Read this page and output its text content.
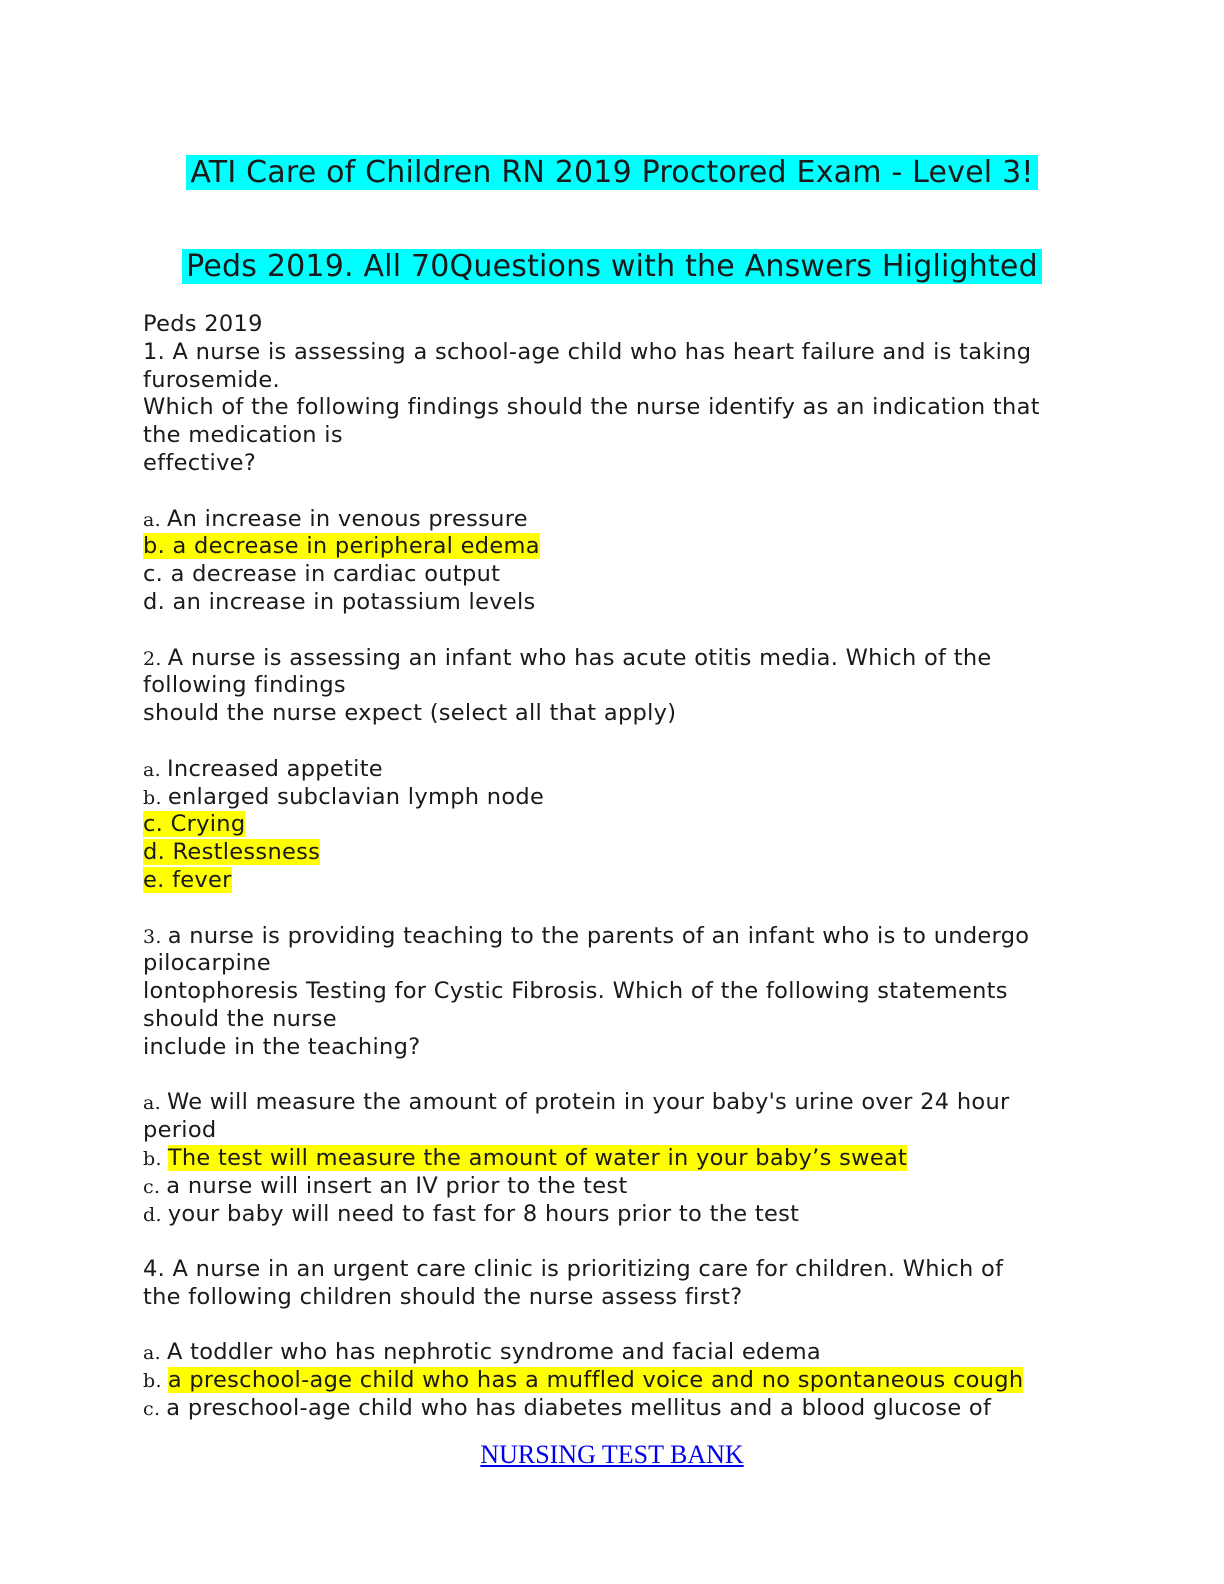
ATI Care of Children RN 2019 Proctored Exam - Level 3!
Peds 2019. All 70Questions with the Answers Higlighted
Peds 2019
1. A nurse is assessing a school-age child who has heart failure and is taking
furosemide.
Which of the following findings should the nurse identify as an indication that
the medication is
effective?
a. An increase in venous pressure
b. a decrease in peripheral edema
c. a decrease in cardiac output
d. an increase in potassium levels
2. A nurse is assessing an infant who has acute otitis media. Which of the
following findings
should the nurse expect (select all that apply)
a. Increased appetite
b. enlarged subclavian lymph node
c. Crying
d. Restlessness
e. fever
3. a nurse is providing teaching to the parents of an infant who is to undergo
pilocarpine
lontophoresis Testing for Cystic Fibrosis. Which of the following statements
should the nurse
include in the teaching?
a. We will measure the amount of protein in your baby's urine over 24 hour
period
b. The test will measure the amount of water in your baby’s sweat
c. a nurse will insert an IV prior to the test
d. your baby will need to fast for 8 hours prior to the test
4. A nurse in an urgent care clinic is prioritizing care for children. Which of
the following children should the nurse assess first?
a. A toddler who has nephrotic syndrome and facial edema
b. a preschool-age child who has a muffled voice and no spontaneous cough
c. a preschool-age child who has diabetes mellitus and a blood glucose of
NURSING TEST BANK
